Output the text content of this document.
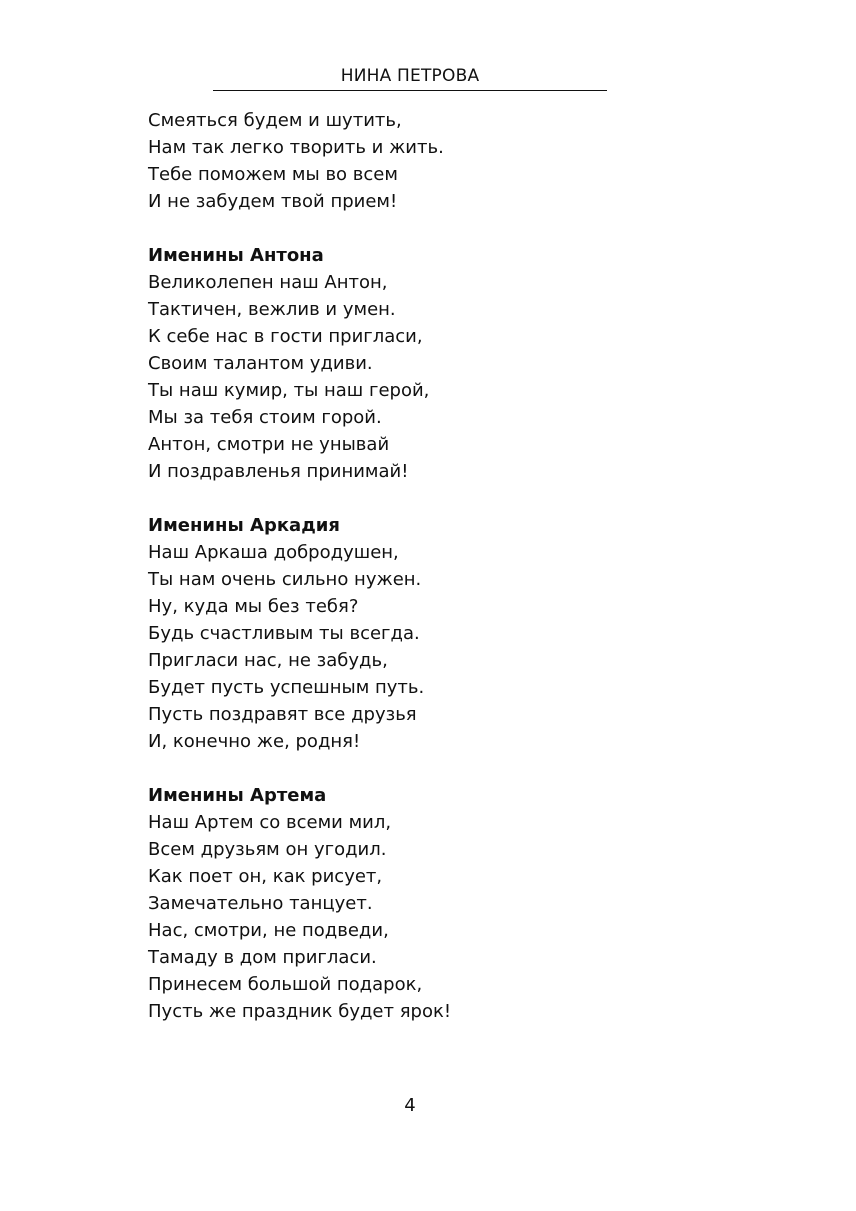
НИНА ПЕТРОВА

Смеяться будем и шутить,

Нам так легко творить и жить.

Тебе поможем мы во всем

И не забудем твой прием!

Именины Антона

Великолепен наш Антон,

Тактичен, вежлив и умен.

К себе нас в гости пригласи,

Своим талантом удиви.

Ты наш кумир, ты наш герой,

Мы за тебя стоим горой.

Антон, смотри не унывай

И поздравленья принимай!

Именины Аркадия

Наш Аркаша добродушен,

Ты нам очень сильно нужен.

Ну, куда мы без тебя?

Будь счастливым ты всегда.

Пригласи нас, не забудь,

Будет пусть успешным путь.

Пусть поздравят все друзья

И, конечно же, родня!

Именины Артема

Наш Артем со всеми мил,

Всем друзьям он угодил.

Как поет он, как рисует,

Замечательно танцует.

Нас, смотри, не подведи,

Тамаду в дом пригласи.

Принесем большой подарок,

Пусть же праздник будет ярок!

4
